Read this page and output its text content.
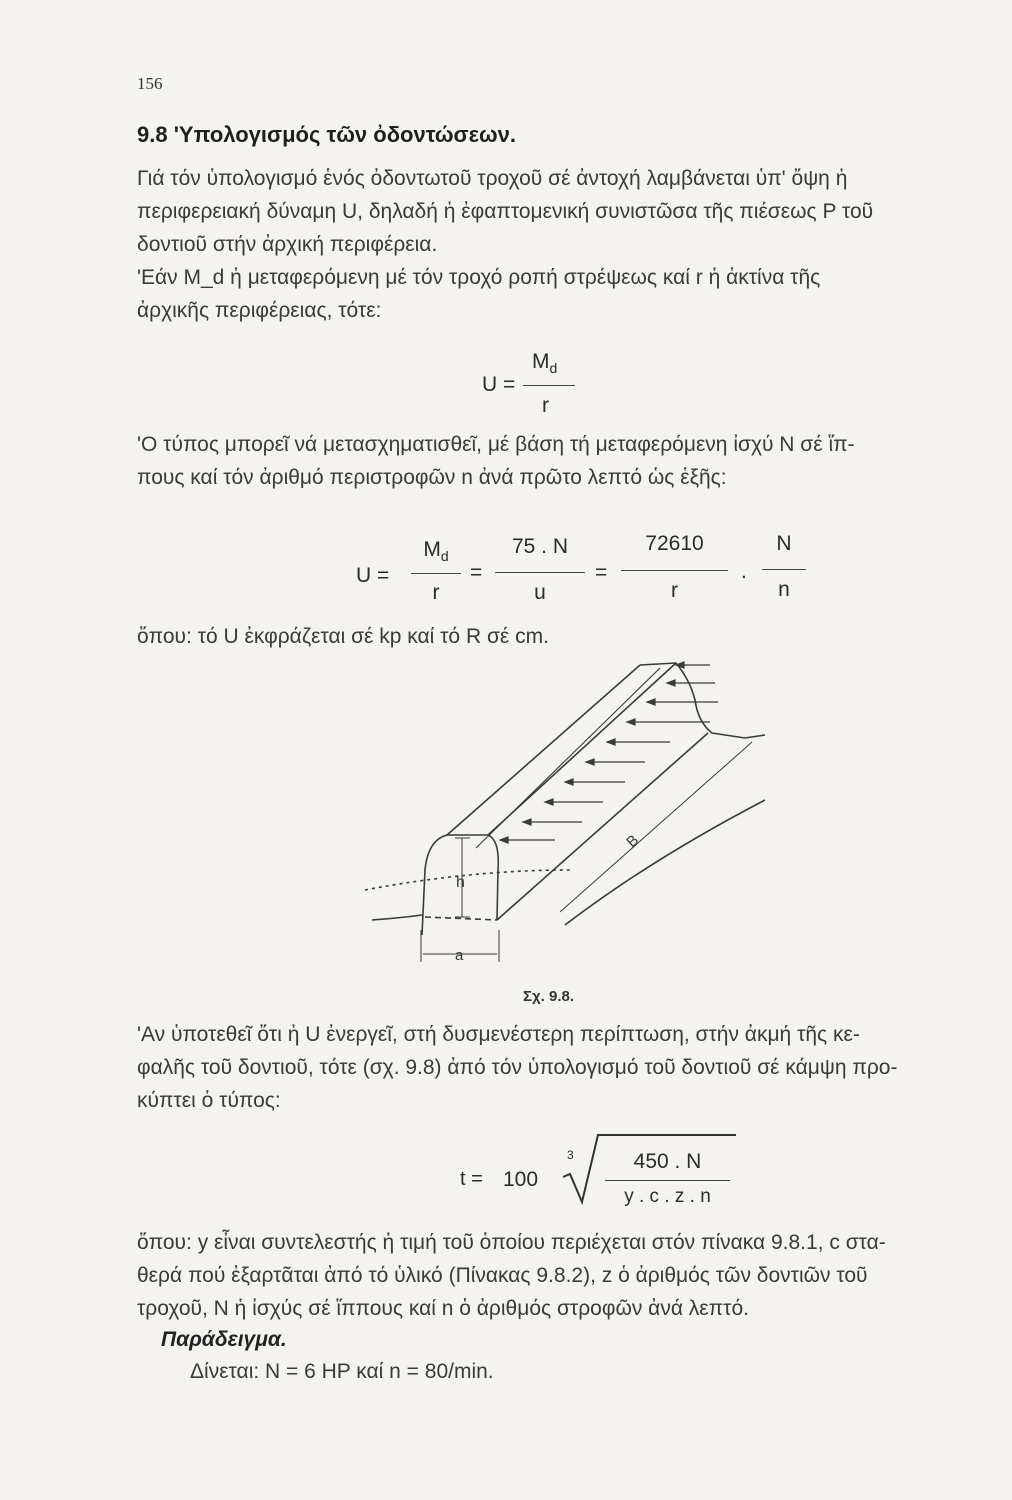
156
9.8 'Υπολογισμός τῶν ὀδοντώσεων.
Γιά τόν ὑπολογισμό ἑνός ὀδοντωτοῦ τροχοῦ σέ ἀντοχή λαμβάνεται ὑπ' ὄψη ἡ
περιφερειακή δύναμη U, δηλαδή ἡ ἐφαπτομενική συνιστῶσα τῆς πιέσεως P τοῦ
δοντιοῦ στήν ἀρχική περιφέρεια.
'Εάν M_d ἡ μεταφερόμενη μέ τόν τροχό ροπή στρέψεως καί r ἡ ἀκτίνα τῆς
ἀρχικῆς περιφέρειας, τότε:
U =
$M_d$
r
'Ο τύπος μπορεῖ νά μετασχηματισθεῖ, μέ βάση τή μεταφερόμενη ἰσχύ N σέ ἵπ-
πους καί τόν ἀριθμό περιστροφῶν n ἀνά πρῶτο λεπτό ὡς ἑξῆς:
U =
$M_d$
r
=
75 . N
u
=
72610
r
.
N
n
ὅπου: τό U ἐκφράζεται σέ kp καί τό R σέ cm.
h
a
B
Σχ. 9.8.
'Αν ὑποτεθεῖ ὅτι ἡ U ἐνεργεῖ, στή δυσμενέστερη περίπτωση, στήν ἀκμή τῆς κε-
φαλῆς τοῦ δοντιοῦ, τότε (σχ. 9.8) ἀπό τόν ὑπολογισμό τοῦ δοντιοῦ σέ κάμψη προ-
κύπτει ὁ τύπος:
t = 100
3	450 . N
y . c . z . n
ὅπου: y εἶναι συντελεστής ἡ τιμή τοῦ ὁποίου περιέχεται στόν πίνακα 9.8.1, c στα-
θερά πού ἐξαρτᾶται ἀπό τό ὑλικό (Πίνακας 9.8.2), z ὁ ἀριθμός τῶν δοντιῶν τοῦ
τροχοῦ, N ἡ ἰσχύς σέ ἵππους καί n ὁ ἀριθμός στροφῶν ἀνά λεπτό.
Παράδειγμα.
Δίνεται: N = 6 HP καί n = 80/min.
